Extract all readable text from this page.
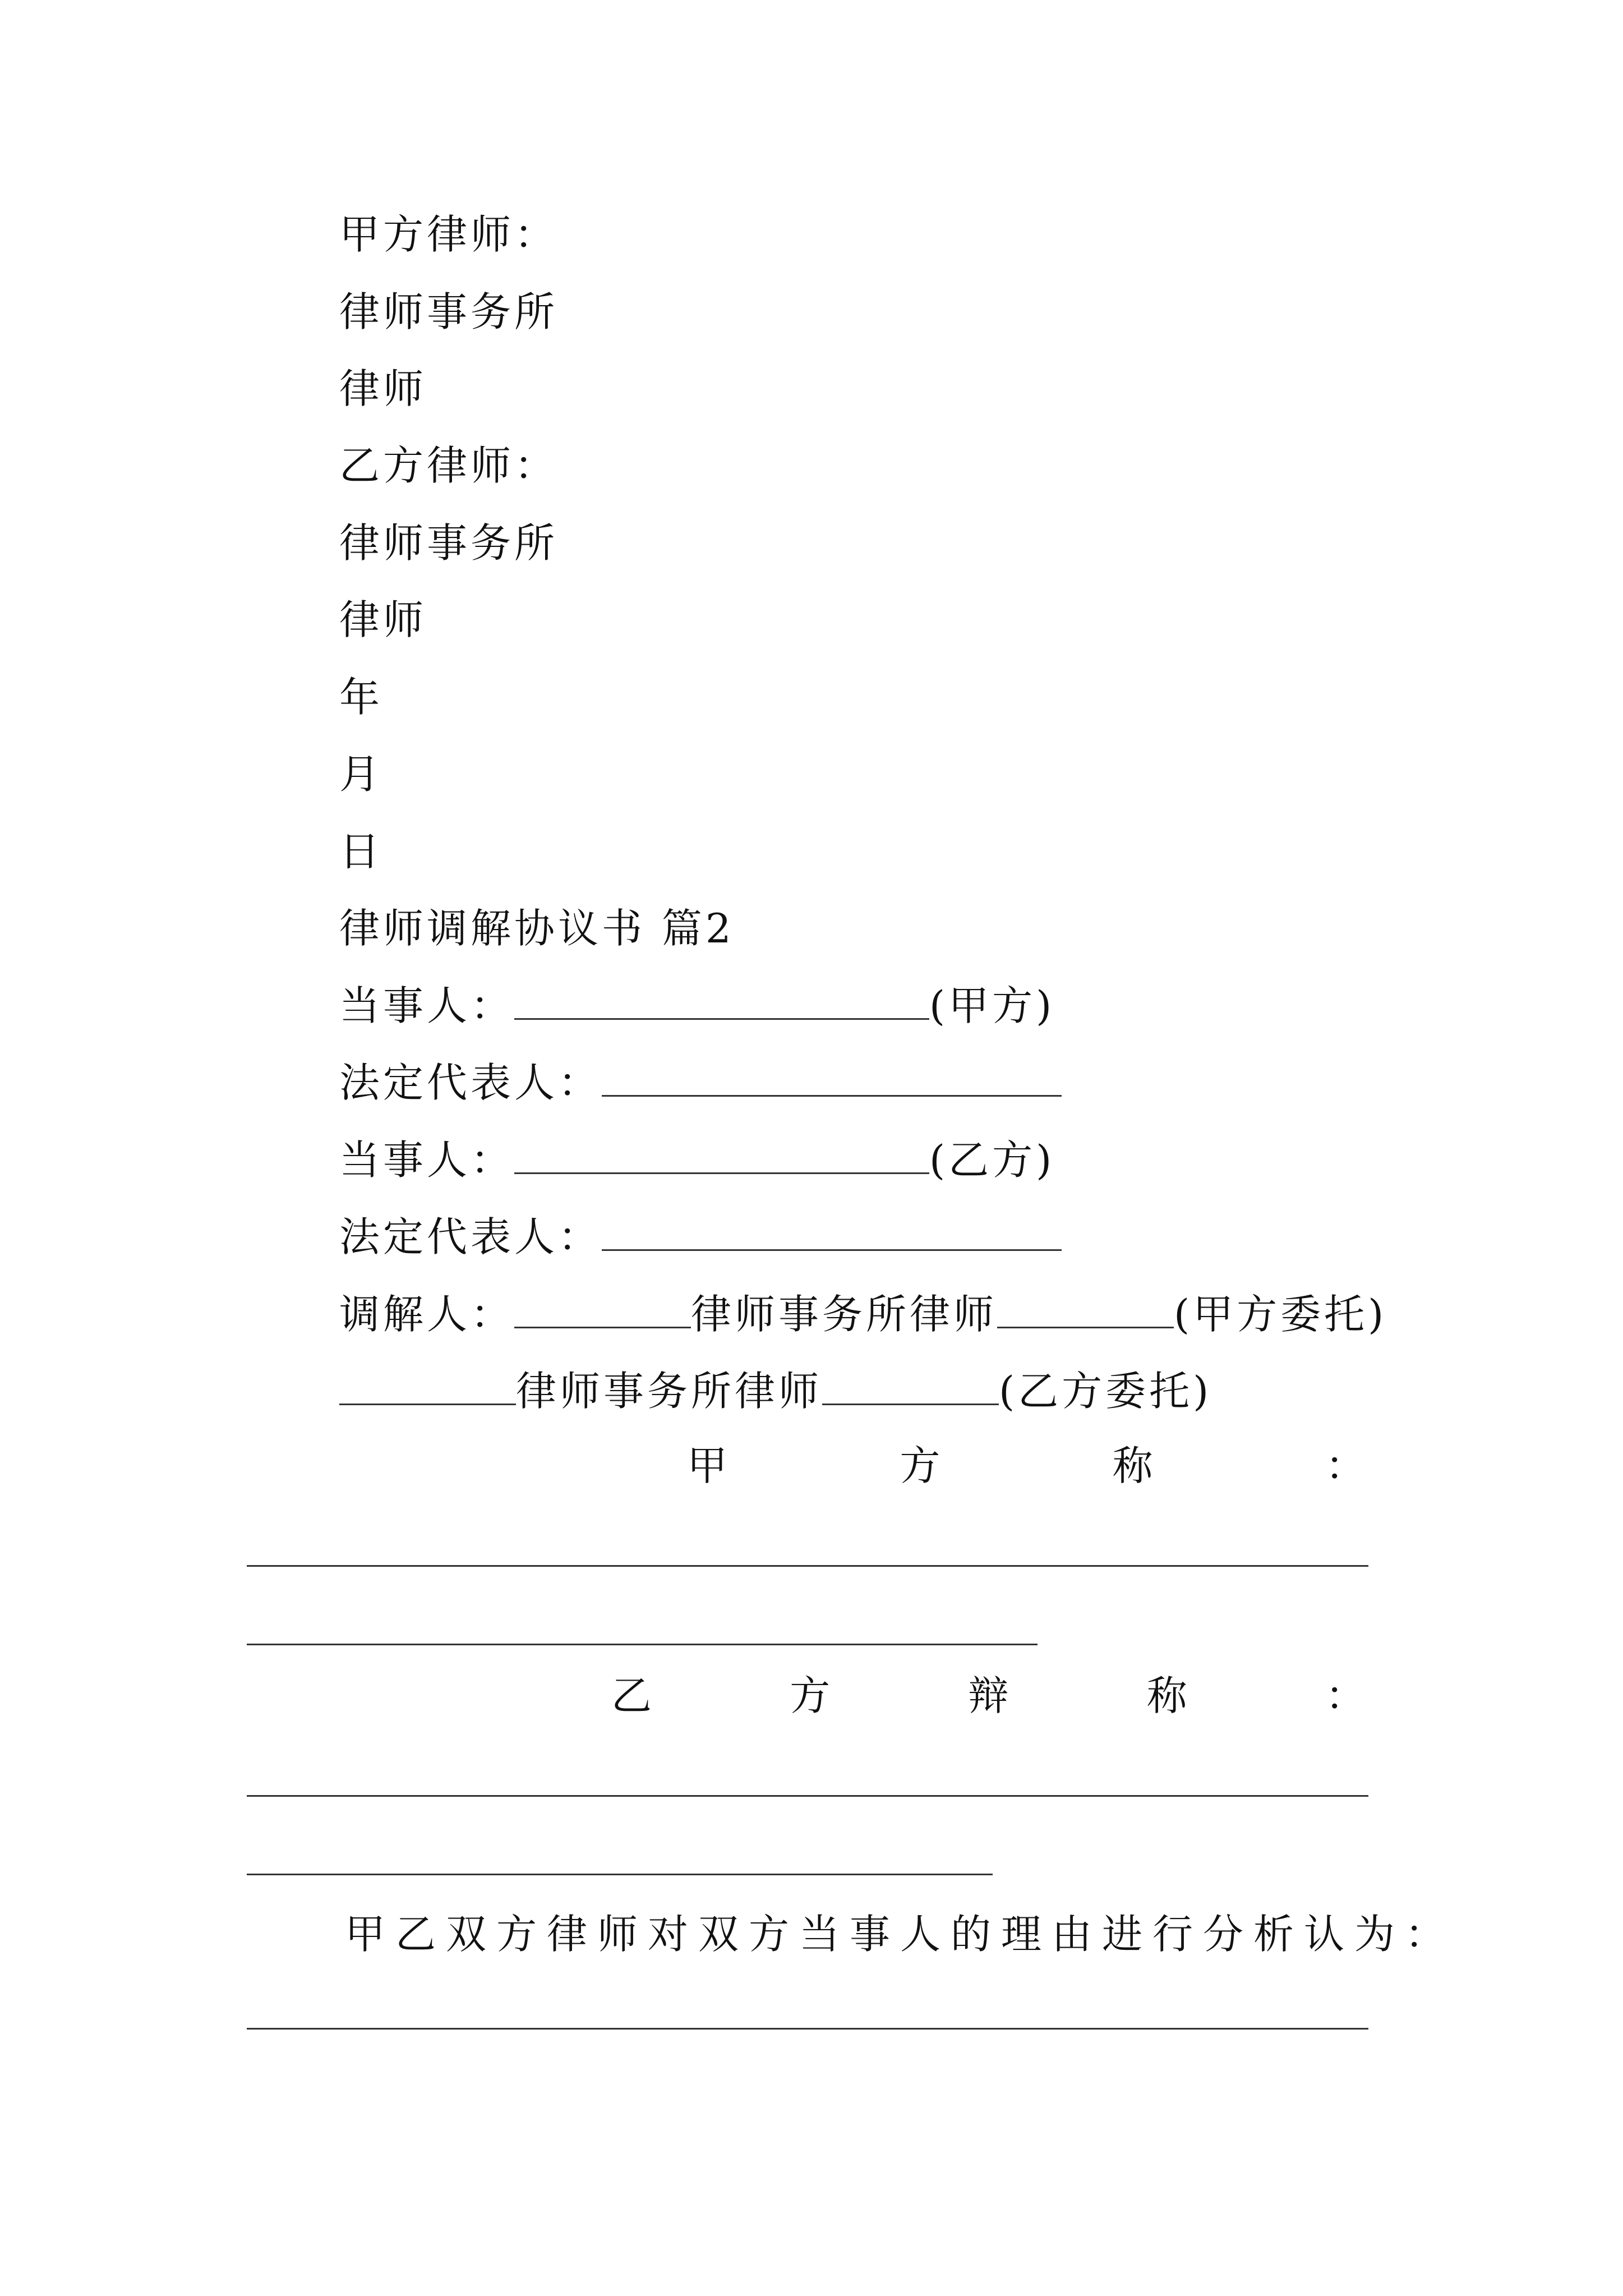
甲方律师：
律师事务所
律师
乙方律师：
律师事务所
律师
年
月
日
律师调解协议书 篇2
当事人：	(甲方)
法定代表人：
当事人：	(乙方)
法定代表人：
调解人：	律师事务所律师	(甲方委托)
律师事务所律师	(乙方委托)
甲	方	称	：
乙	方	辩	称	：
甲乙双方律师对双方当事人的理由进行分析认为：
